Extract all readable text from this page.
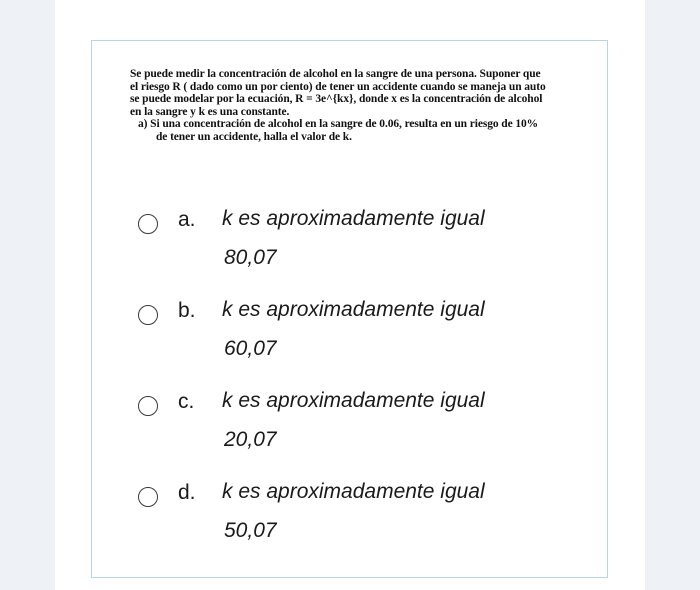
Se puede medir la concentración de alcohol en la sangre de una persona. Suponer que
el riesgo R ( dado como un por ciento) de tener un accidente cuando se maneja un auto
se puede modelar por la ecuación, R = 3e^{kx}, donde x es la concentración de alcohol
en la sangre y k es una constante.
a) Si una concentración de alcohol en la sangre de 0.06, resulta en un riesgo de 10%
de tener un accidente, halla el valor de k.
a. k es aproximadamente igual
80,07
b. k es aproximadamente igual
60,07
c. k es aproximadamente igual
20,07
d. k es aproximadamente igual
50,07
